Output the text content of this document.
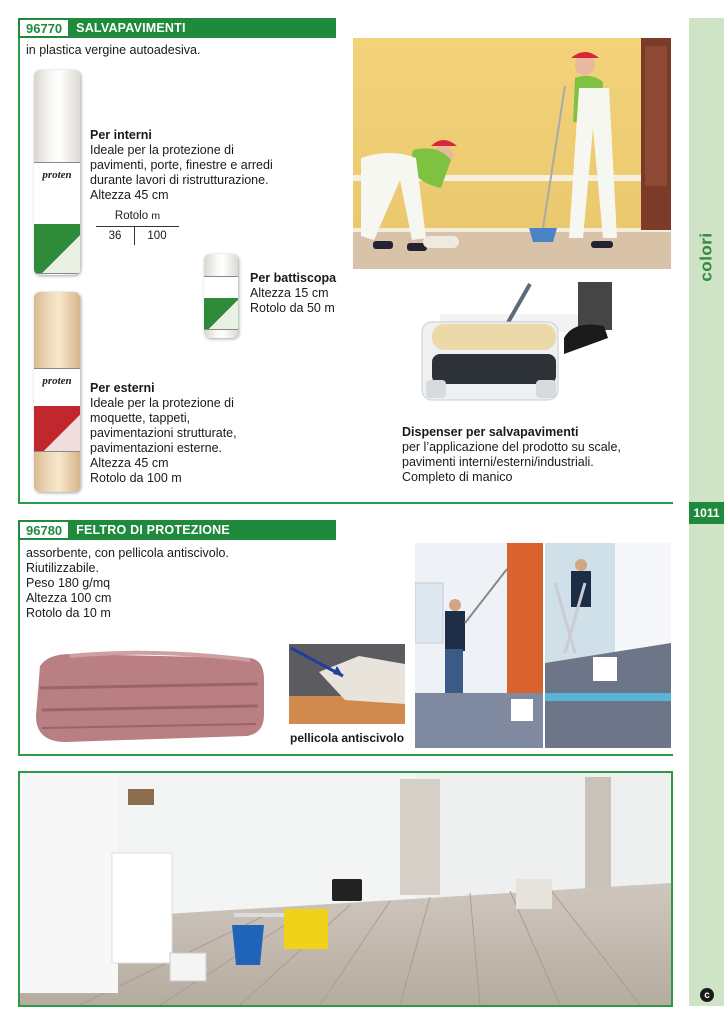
colori
1011
c
96770	SALVAPAVIMENTI
in plastica vergine autoadesiva.
proten
Per interni
Ideale per la protezione di
pavimenti, porte, finestre e arredi
durante lavori di ristrutturazione.
Altezza 45 cm
Rotolo m
36	100
Per battiscopa
Altezza 15 cm
Rotolo da 50 m
proten	Per esterni
Ideale per la protezione di
moquette, tappeti,
pavimentazioni strutturate,
pavimentazioni esterne.
Altezza 45 cm
Rotolo da 100 m
Dispenser per salvapavimenti
per l’applicazione del prodotto su scale,
pavimenti interni/esterni/industriali.
Completo di manico
96780	FELTRO DI PROTEZIONE
assorbente, con pellicola antiscivolo.
Riutilizzabile.
Peso 180 g/mq
Altezza 100 cm
Rotolo da 10 m
pellicola antiscivolo
